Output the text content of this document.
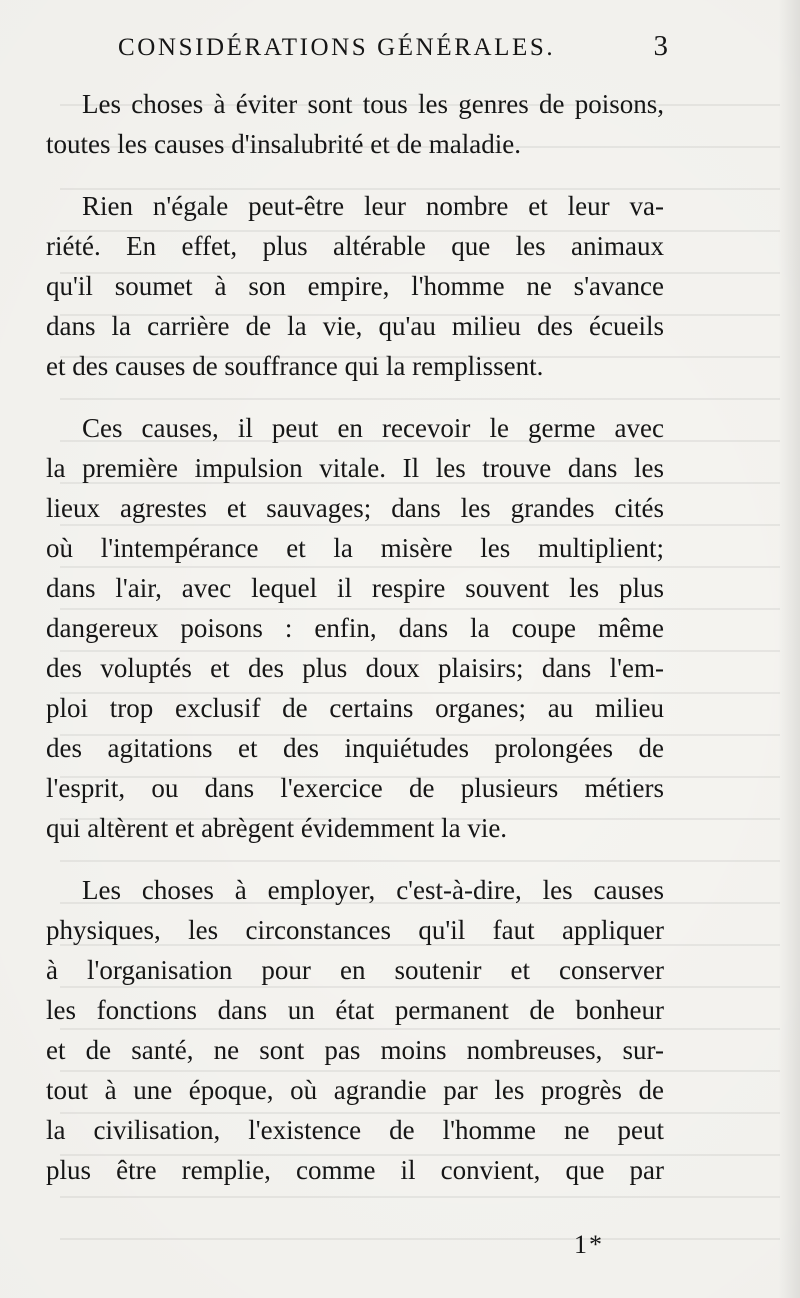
CONSIDÉRATIONS GÉNÉRALES.	3
Les choses à éviter sont tous les genres de poisons,
toutes les causes d'insalubrité et de maladie.
Rien n'égale peut-être leur nombre et leur va-
riété. En effet, plus altérable que les animaux
qu'il soumet à son empire, l'homme ne s'avance
dans la carrière de la vie, qu'au milieu des écueils
et des causes de souffrance qui la remplissent.
Ces causes, il peut en recevoir le germe avec
la première impulsion vitale. Il les trouve dans les
lieux agrestes et sauvages; dans les grandes cités
où l'intempérance et la misère les multiplient;
dans l'air, avec lequel il respire souvent les plus
dangereux poisons : enfin, dans la coupe même
des voluptés et des plus doux plaisirs; dans l'em-
ploi trop exclusif de certains organes; au milieu
des agitations et des inquiétudes prolongées de
l'esprit, ou dans l'exercice de plusieurs métiers
qui altèrent et abrègent évidemment la vie.
Les choses à employer, c'est-à-dire, les causes
physiques, les circonstances qu'il faut appliquer
à l'organisation pour en soutenir et conserver
les fonctions dans un état permanent de bonheur
et de santé, ne sont pas moins nombreuses, sur-
tout à une époque, où agrandie par les progrès de
la civilisation, l'existence de l'homme ne peut
plus être remplie, comme il convient, que par
1*
